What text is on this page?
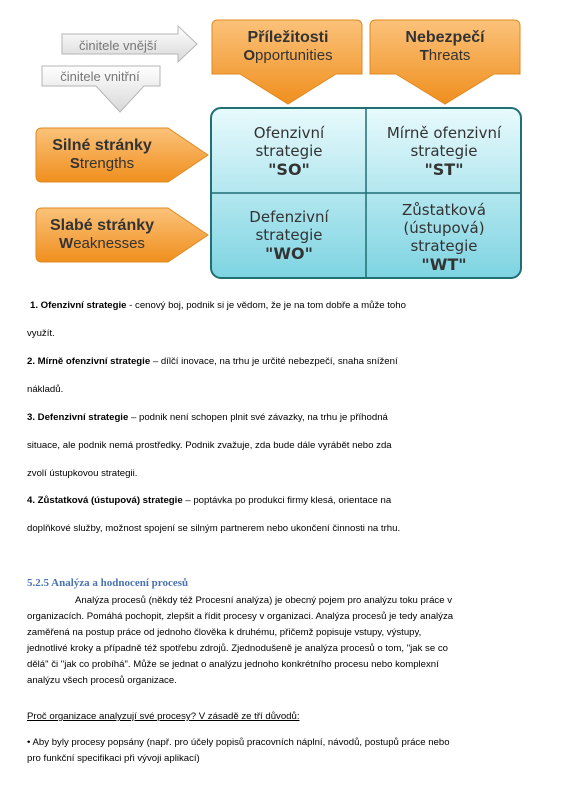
činitele vnější
činitele vnitřní
Příležitosti
Opportunities
Nebezpečí
Threats
Silné stránky
Strengths
Slabé stránky
Weaknesses
Ofenzivní
strategie
"SO"
Mírně ofenzivní
strategie
"ST"
Defenzivní
strategie
"WO"
Zůstatková
(ústupová)
strategie
"WT"
1. Ofenzivní strategie - cenový boj, podnik si je vědom, že je na tom dobře a může toho
využít.
2. Mírně ofenzivní strategie – dílčí inovace, na trhu je určité nebezpečí, snaha snížení
nákladů.
3. Defenzivní strategie – podnik není schopen plnit své závazky, na trhu je příhodná
situace, ale podnik nemá prostředky. Podnik zvažuje, zda bude dále vyrábět nebo zda
zvolí ústupkovou strategii.
4. Zůstatková (ústupová) strategie – poptávka po produkci firmy klesá, orientace na
doplňkové služby, možnost spojení se silným partnerem nebo ukončení činnosti na trhu.
5.2.5 Analýza a hodnocení procesů
Analýza procesů (někdy též Procesní analýza) je obecný pojem pro analýzu toku práce v
organizacích. Pomáhá pochopit, zlepšit a řídit procesy v organizaci. Analýza procesů je tedy analýza
zaměřená na postup práce od jednoho člověka k druhému, přičemž popisuje vstupy, výstupy,
jednotlivé kroky a případně též spotřebu zdrojů. Zjednodušeně je analýza procesů o tom, "jak se co
dělá" či "jak co probíhá". Může se jednat o analýzu jednoho konkrétního procesu nebo komplexní
analýzu všech procesů organizace.
Proč organizace analyzují své procesy? V zásadě ze tří důvodů:
• Aby byly procesy popsány (např. pro účely popisů pracovních náplní, návodů, postupů práce nebo
pro funkční specifikaci při vývoji aplikací)
